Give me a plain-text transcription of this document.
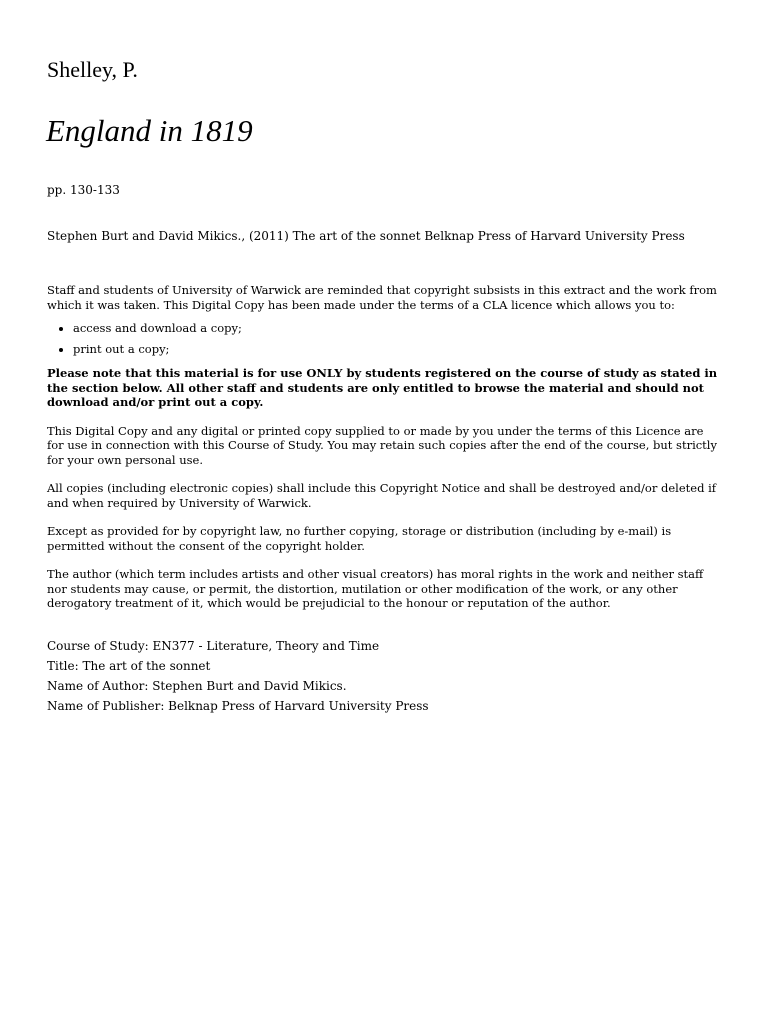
Shelley, P.
England in 1819
pp. 130-133
Stephen Burt and David Mikics., (2011) The art of the sonnet Belknap Press of Harvard University Press

Staff and students of University of Warwick are reminded that copyright subsists in this extract and the work from which it was taken. This Digital Copy has been made under the terms of a CLA licence which allows you to:

• access and download a copy;
• print out a copy;

Please note that this material is for use ONLY by students registered on the course of study as stated in the section below. All other staff and students are only entitled to browse the material and should not download and/or print out a copy.

This Digital Copy and any digital or printed copy supplied to or made by you under the terms of this Licence are for use in connection with this Course of Study. You may retain such copies after the end of the course, but strictly for your own personal use.

All copies (including electronic copies) shall include this Copyright Notice and shall be destroyed and/or deleted if and when required by University of Warwick.

Except as provided for by copyright law, no further copying, storage or distribution (including by e-mail) is permitted without the consent of the copyright holder.

The author (which term includes artists and other visual creators) has moral rights in the work and neither staff nor students may cause, or permit, the distortion, mutilation or other modification of the work, or any other derogatory treatment of it, which would be prejudicial to the honour or reputation of the author.

Course of Study: EN377 - Literature, Theory and Time
Title: The art of the sonnet
Name of Author: Stephen Burt and David Mikics.
Name of Publisher: Belknap Press of Harvard University Press
